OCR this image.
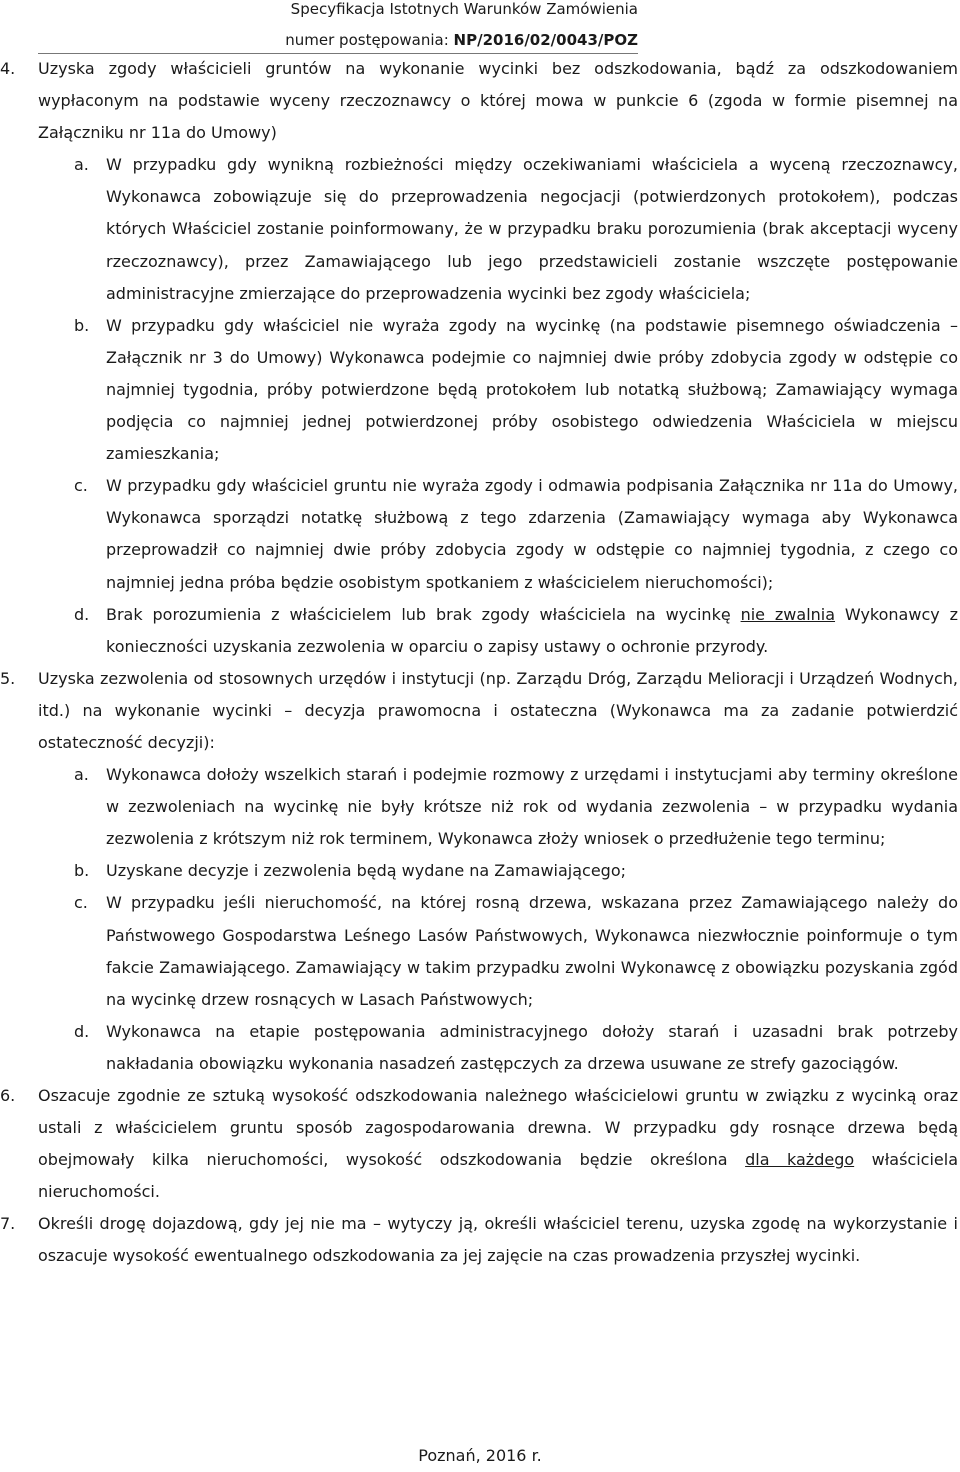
Specyfikacja Istotnych Warunków Zamówienia
numer postępowania: NP/2016/02/0043/POZ
4.	Uzyska zgody właścicieli gruntów na wykonanie wycinki bez odszkodowania, bądź za odszkodowaniem wypłaconym na podstawie wyceny rzeczoznawcy o której mowa w punkcie 6 (zgoda w formie pisemnej na Załączniku nr 11a do Umowy)
a.	W przypadku gdy wynikną rozbieżności między oczekiwaniami właściciela a wyceną rzeczoznawcy, Wykonawca zobowiązuje się do przeprowadzenia negocjacji (potwierdzonych protokołem), podczas których Właściciel zostanie poinformowany, że w przypadku braku porozumienia (brak akceptacji wyceny rzeczoznawcy), przez Zamawiającego lub jego przedstawicieli zostanie wszczęte postępowanie administracyjne zmierzające do przeprowadzenia wycinki bez zgody właściciela;
b.	W przypadku gdy właściciel nie wyraża zgody na wycinkę (na podstawie pisemnego oświadczenia – Załącznik nr 3 do Umowy) Wykonawca podejmie co najmniej dwie próby zdobycia zgody w odstępie co najmniej tygodnia, próby potwierdzone będą protokołem lub notatką służbową; Zamawiający wymaga podjęcia co najmniej jednej potwierdzonej próby osobistego odwiedzenia Właściciela w miejscu zamieszkania;
c.	W przypadku gdy właściciel gruntu nie wyraża zgody i odmawia podpisania Załącznika nr 11a do Umowy, Wykonawca sporządzi notatkę służbową z tego zdarzenia (Zamawiający wymaga aby Wykonawca przeprowadził co najmniej dwie próby zdobycia zgody w odstępie co najmniej tygodnia, z czego co najmniej jedna próba będzie osobistym spotkaniem z właścicielem nieruchomości);
d.	Brak porozumienia z właścicielem lub brak zgody właściciela na wycinkę nie zwalnia Wykonawcy z konieczności uzyskania zezwolenia w oparciu o zapisy ustawy o ochronie przyrody.
5.	Uzyska zezwolenia od stosownych urzędów i instytucji (np. Zarządu Dróg, Zarządu Melioracji i Urządzeń Wodnych, itd.) na wykonanie wycinki – decyzja prawomocna i ostateczna (Wykonawca ma za zadanie potwierdzić ostateczność decyzji):
a.	Wykonawca dołoży wszelkich starań i podejmie rozmowy z urzędami i instytucjami aby terminy określone w zezwoleniach na wycinkę nie były krótsze niż rok od wydania zezwolenia – w przypadku wydania zezwolenia z krótszym niż rok terminem, Wykonawca złoży wniosek o przedłużenie tego terminu;
b.	Uzyskane decyzje i zezwolenia będą wydane na Zamawiającego;
c.	W przypadku jeśli nieruchomość, na której rosną drzewa, wskazana przez Zamawiającego należy do Państwowego Gospodarstwa Leśnego Lasów Państwowych, Wykonawca niezwłocznie poinformuje o tym fakcie Zamawiającego. Zamawiający w takim przypadku zwolni Wykonawcę z obowiązku pozyskania zgód na wycinkę drzew rosnących w Lasach Państwowych;
d.	Wykonawca na etapie postępowania administracyjnego dołoży starań i uzasadni brak potrzeby nakładania obowiązku wykonania nasadzeń zastępczych za drzewa usuwane ze strefy gazociągów.
6.	Oszacuje zgodnie ze sztuką wysokość odszkodowania należnego właścicielowi gruntu w związku z wycinką oraz ustali z właścicielem gruntu sposób zagospodarowania drewna. W przypadku gdy rosnące drzewa będą obejmowały kilka nieruchomości, wysokość odszkodowania będzie określona dla każdego właściciela nieruchomości.
7.	Określi drogę dojazdową, gdy jej nie ma – wytyczy ją, określi właściciel terenu, uzyska zgodę na wykorzystanie i oszacuje wysokość ewentualnego odszkodowania za jej zajęcie na czas prowadzenia przyszłej wycinki.
Poznań, 2016 r.
